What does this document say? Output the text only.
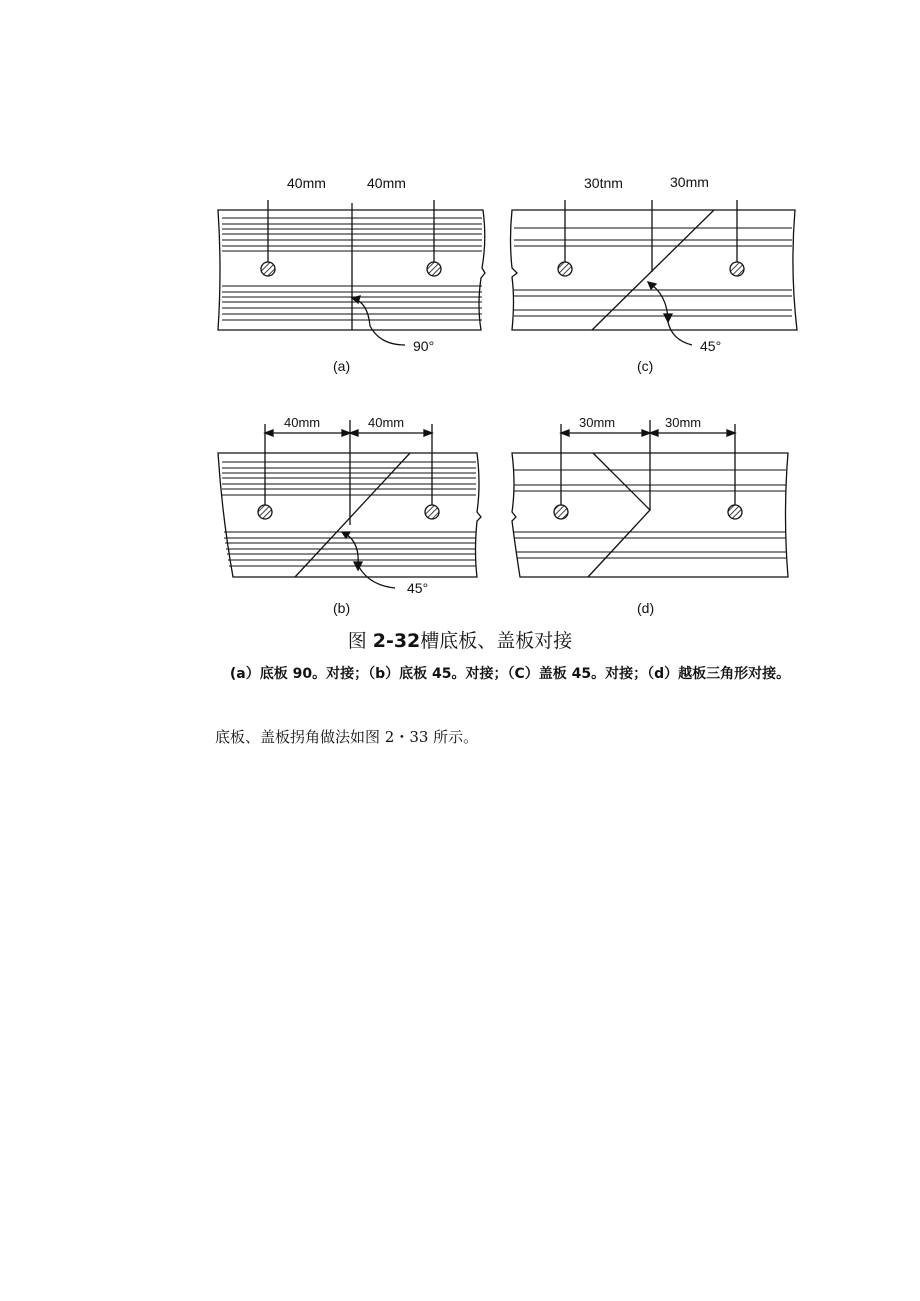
40mm	40mm
90°
(a)
30tnm	30mm
45°
(c)
40mm	40mm
45°
(b)
30mm	30mm
(d)
图 2-32槽底板、盖板对接
(a）底板 90。对接；（b）底板 45。对接；（C）盖板 45。对接；（d）越板三角形对接。
底板、盖板拐角做法如图 2・33 所示。
